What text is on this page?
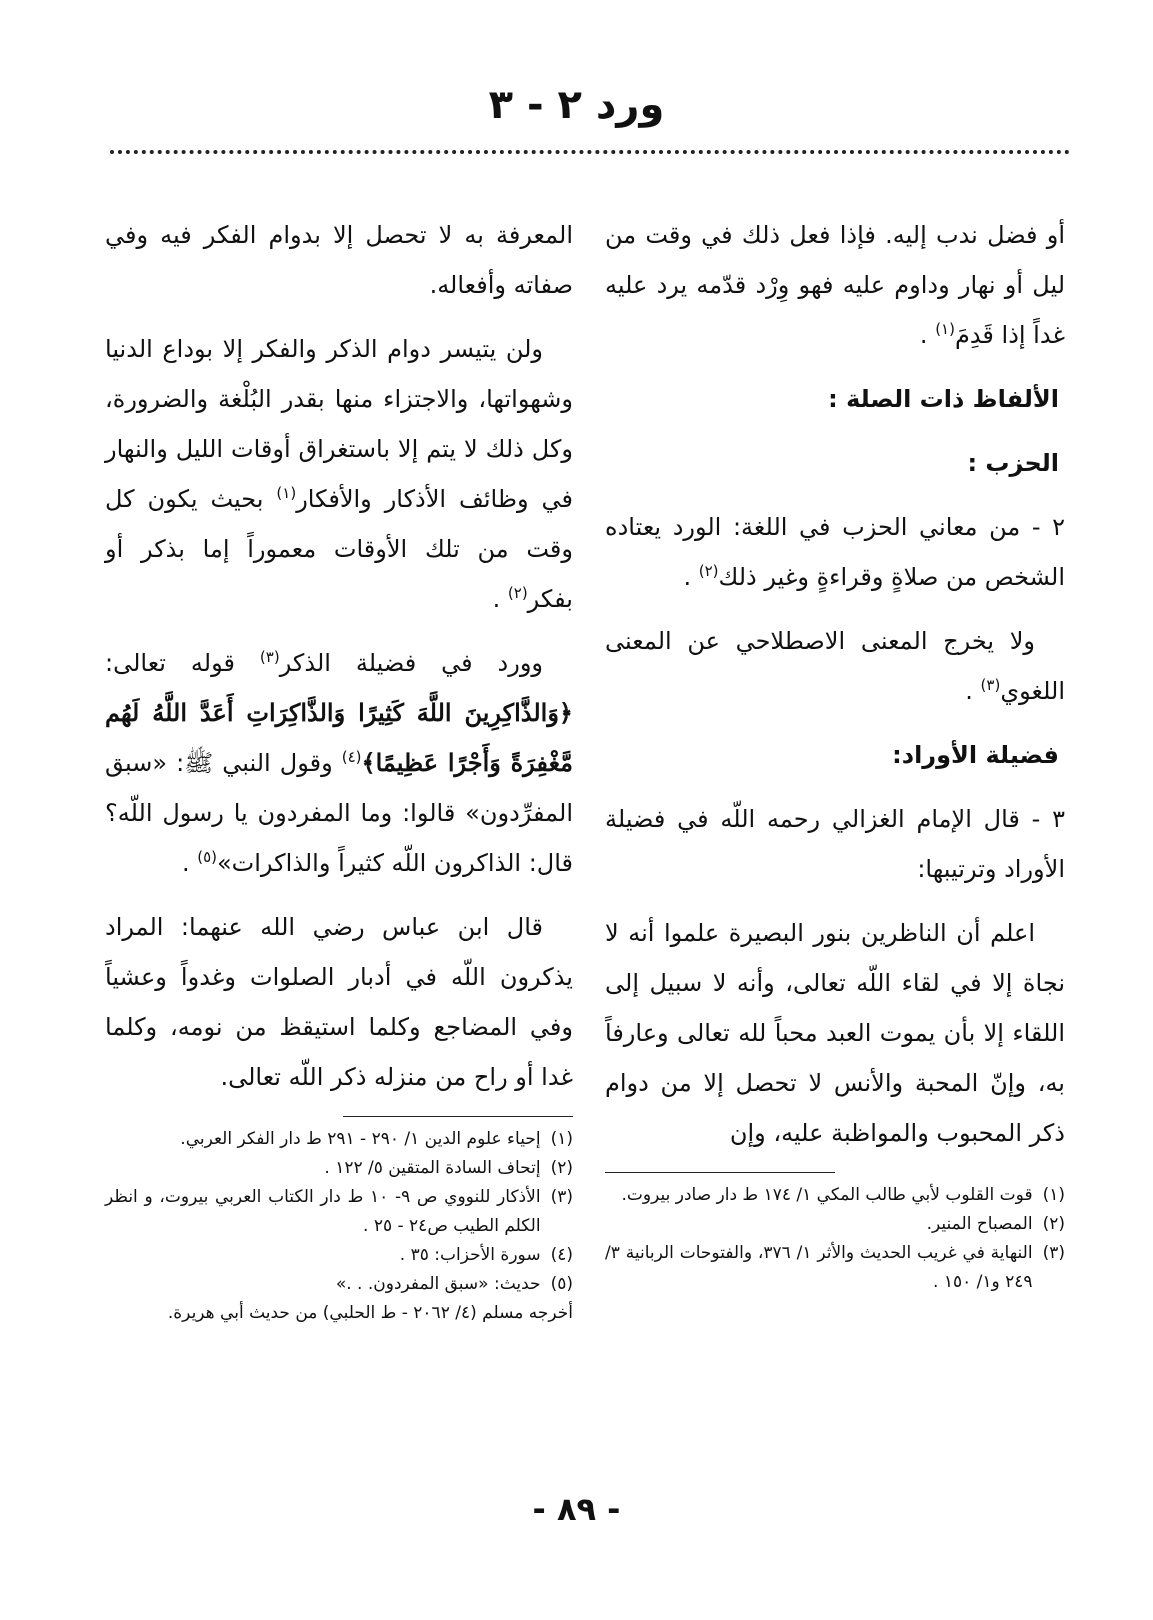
ورد ٢ - ٣

أو فضل ندب إليه. فإذا فعل ذلك في وقت من ليل أو نهار وداوم عليه فهو وِرْد قدّمه يرد عليه غداً إذا قَدِمَ$^{(١)}$ .

الألفاظ ذات الصلة :
الحزب :

٢ - من معاني الحزب في اللغة: الورد يعتاده الشخص من صلاةٍ وقراءةٍ وغير ذلك$^{(٢)}$ .

ولا يخرج المعنى الاصطلاحي عن المعنى اللغوي$^{(٣)}$ .

فضيلة الأوراد:

٣ - قال الإمام الغزالي رحمه اللّه في فضيلة الأوراد وترتيبها:

اعلم أن الناظرين بنور البصيرة علموا أنه لا نجاة إلا في لقاء اللّه تعالى، وأنه لا سبيل إلى اللقاء إلا بأن يموت العبد محباً لله تعالى وعارفاً به، وإنّ المحبة والأنس لا تحصل إلا من دوام ذكر المحبوب والمواظبة عليه، وإن

(١)
قوت القلوب لأبي طالب المكي ١/ ١٧٤ ط دار صادر بيروت.
(٢)
المصباح المنير.
(٣)
النهاية في غريب الحديث والأثر ١/ ٣٧٦، والفتوحات الربانية ٣/ ٢٤٩ و١/ ١٥٠ .

المعرفة به لا تحصل إلا بدوام الفكر فيه وفي صفاته وأفعاله.

ولن يتيسر دوام الذكر والفكر إلا بوداع الدنيا وشهواتها، والاجتزاء منها بقدر البُلْغة والضرورة، وكل ذلك لا يتم إلا باستغراق أوقات الليل والنهار في وظائف الأذكار والأفكار$^{(١)}$ بحيث يكون كل وقت من تلك الأوقات معموراً إما بذكر أو بفكر$^{(٢)}$ .

وورد في فضيلة الذكر$^{(٣)}$ قوله تعالى: ﴿وَالذَّاكِرِينَ اللَّهَ كَثِيرًا وَالذَّاكِرَاتِ أَعَدَّ اللَّهُ لَهُم مَّغْفِرَةً وَأَجْرًا عَظِيمًا﴾$^{(٤)}$ وقول النبي ﷺ: «سبق المفرِّدون» قالوا: وما المفردون يا رسول اللّه؟ قال: الذاكرون اللّه كثيراً والذاكرات»$^{(٥)}$ .

قال ابن عباس رضي الله عنهما: المراد يذكرون اللّه في أدبار الصلوات وغدواً وعشياً وفي المضاجع وكلما استيقظ من نومه، وكلما غدا أو راح من منزله ذكر اللّه تعالى.

(١)
إحياء علوم الدين ١/ ٢٩٠ - ٢٩١ ط دار الفكر العربي.
(٢)
إتحاف السادة المتقين ٥/ ١٢٢ .
(٣)
الأذكار للنووي ص ٩- ١٠ ط دار الكتاب العربي بيروت، و انظر الكلم الطيب ص٢٤ - ٢٥ .
(٤)
سورة الأحزاب: ٣٥ .
(٥)
حديث: «سبق المفردون. . .»
أخرجه مسلم (٤/ ٢٠٦٢ - ط الحلبي) من حديث أبي هريرة.
- ٨٩ -
